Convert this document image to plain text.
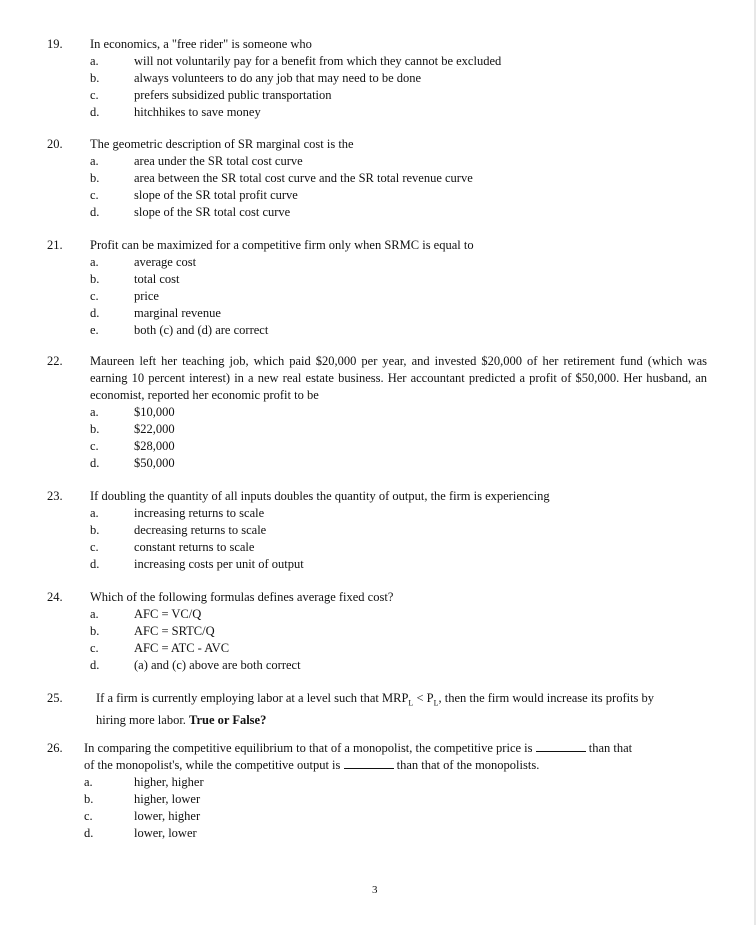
19. In economics, a "free rider" is someone who
a.	will not voluntarily pay for a benefit from which they cannot be excluded
b.	always volunteers to do any job that may need to be done
c.	prefers subsidized public transportation
d.	hitchhikes to save money
20. The geometric description of SR marginal cost is the
a.	area under the SR total cost curve
b.	area between the SR total cost curve and the SR total revenue curve
c.	slope of the SR total profit curve
d.	slope of the SR total cost curve
21. Profit can be maximized for a competitive firm only when SRMC is equal to
a.	average cost
b.	total cost
c.	price
d.	marginal revenue
e.	both (c) and (d) are correct
22. Maureen left her teaching job, which paid $20,000 per year, and invested $20,000 of her retirement fund (which was earning 10 percent interest) in a new real estate business. Her accountant predicted a profit of $50,000. Her husband, an economist, reported her economic profit to be
a.	$10,000
b.	$22,000
c.	$28,000
d.	$50,000
23. If doubling the quantity of all inputs doubles the quantity of output, the firm is experiencing
a.	increasing returns to scale
b.	decreasing returns to scale
c.	constant returns to scale
d.	increasing costs per unit of output
24. Which of the following formulas defines average fixed cost?
a.	AFC = VC/Q
b.	AFC = SRTC/Q
c.	AFC = ATC - AVC
d.	(a) and (c) above are both correct
25.	If a firm is currently employing labor at a level such that $MRP_L < P_L$, then the firm would increase its profits by hiring more labor. True or False?
26. In comparing the competitive equilibrium to that of a monopolist, the competitive price is	than that
of the monopolist's, while the competitive output is	than that of the monopolists.
a.	higher, higher
b.	higher, lower
c.	lower, higher
d.	lower, lower
3
